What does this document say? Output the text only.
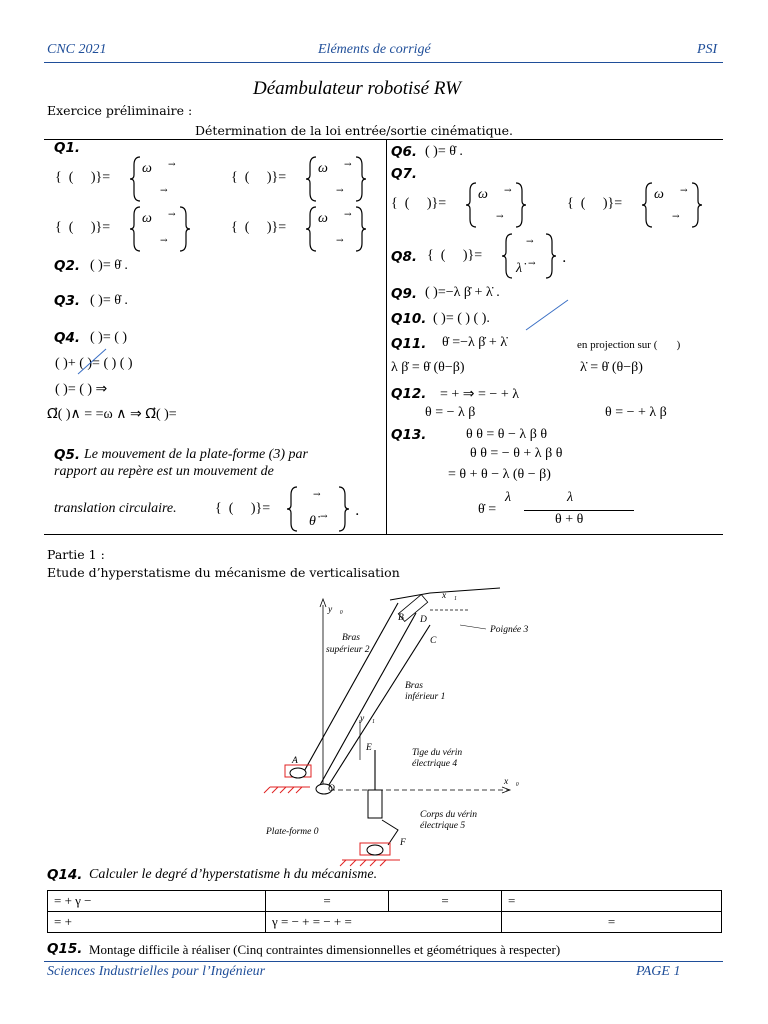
CNC 2021	Eléments de corrigé	PSI
Déambulateur robotisé RW
Exercice préliminaire :
Détermination de la loi entrée/sortie cinématique.
Q1.
{  (     )}=
ω →
→
{  (     )}=
ω →
→
{  (     )}=
ω →
→
{  (     )}=
ω →
→
Q2. ( )= θ̇ .
Q3. ( )= θ̇ .
Q4. ( )= ( )
( )+ ( )= ( ) ( )
( )= ( ) ⇒
Ω⃗( )∧ = =ω ∧ ⇒ Ω⃗( )=
Q5. Le mouvement de la plate-forme (3) par
rapport au repère est un mouvement de
translation circulaire.	{  (     )}=
→
θ̇ → .
Q6. ( )= θ̇ .
Q7.
{  (     )}=
ω →
→
{  (     )}=
ω →
→
Q8. {  (     )}=
→
λ̇ → .
Q9. ( )=−λ β̇ + λ̇ .
Q10. ( )= ( ) ( ).
Q11. θ̇ =−λ β̇ + λ̇	en projection sur (       )
λ β̇ = θ̇ (θ−β)	λ̇ = θ̇ (θ−β)
Q12. = + ⇒ = − + λ
θ = − λ β	θ = − + λ β
Q13.	θ θ = θ − λ β θ
θ θ = − θ + λ β θ
= θ + θ − λ (θ − β)
θ̇ =
λ	λ
θ + θ
Partie 1 :
Etude d’hyperstatisme du mécanisme de verticalisation
y⃗₀
x⃗₀
x⃗₁
B D
C
Poignée 3
Bras
supérieur 2
Bras
inférieur 1
y⃗₁
E	Tige du vérin
électrique 4
Corps du vérin
électrique 5
A
O
F
Plate-forme 0
Q14. Calculer le degré d’hyperstatisme h du mécanisme.
= + γ −	=	=	=
= +	γ = − + = − + =		=
Q15. Montage difficile à réaliser (Cinq contraintes dimensionnelles et géométriques à respecter)
Sciences Industrielles pour l’Ingénieur	PAGE 1
